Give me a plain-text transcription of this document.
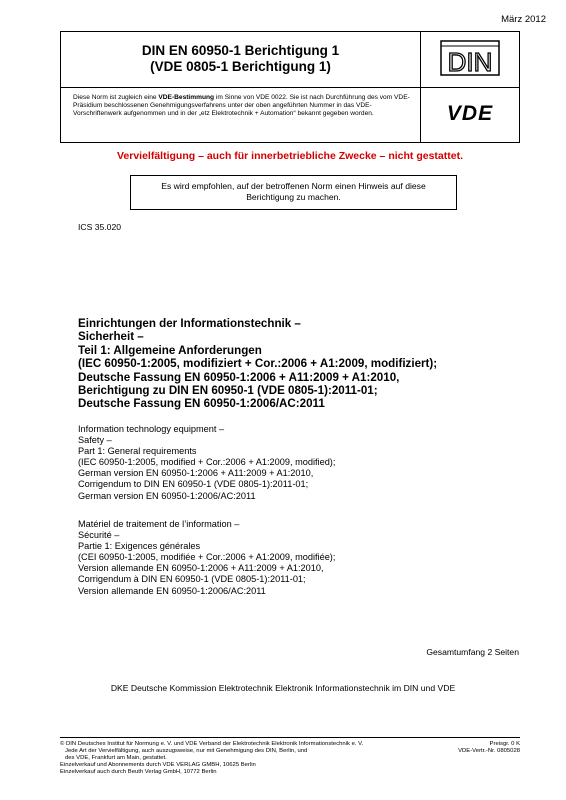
März 2012
DIN EN 60950-1 Berichtigung 1
(VDE 0805-1 Berichtigung 1)	DIN
Diese Norm ist zugleich eine VDE-Bestimmung im Sinne von VDE 0022. Sie ist nach Durchführung des vom VDE-Präsidium beschlossenen Genehmigungsverfahrens unter der oben angeführten Nummer in das VDE-Vorschriftenwerk aufgenommen und in der „etz Elektrotechnik + Automation“ bekannt gegeben worden.	VDE
Vervielfältigung – auch für innerbetriebliche Zwecke – nicht gestattet.
Es wird empfohlen, auf der betroffenen Norm einen Hinweis auf diese
Berichtigung zu machen.
ICS 35.020
Einrichtungen der Informationstechnik –
Sicherheit –
Teil 1: Allgemeine Anforderungen
(IEC 60950-1:2005, modifiziert + Cor.:2006 + A1:2009, modifiziert);
Deutsche Fassung EN 60950-1:2006 + A11:2009 + A1:2010,
Berichtigung zu DIN EN 60950-1 (VDE 0805-1):2011-01;
Deutsche Fassung EN 60950-1:2006/AC:2011
Information technology equipment –
Safety –
Part 1: General requirements
(IEC 60950-1:2005, modified + Cor.:2006 + A1:2009, modified);
German version EN 60950-1:2006 + A11:2009 + A1:2010,
Corrigendum to DIN EN 60950-1 (VDE 0805-1):2011-01;
German version EN 60950-1:2006/AC:2011
Matériel de traitement de l’information –
Sécurité –
Partie 1: Exigences générales
(CEI 60950-1:2005, modifiée + Cor.:2006 + A1:2009, modifiée);
Version allemande EN 60950-1:2006 + A11:2009 + A1:2010,
Corrigendum à DIN EN 60950-1 (VDE 0805-1):2011-01;
Version allemande EN 60950-1:2006/AC:2011
Gesamtumfang 2 Seiten
DKE Deutsche Kommission Elektrotechnik Elektronik Informationstechnik im DIN und VDE
© DIN Deutsches Institut für Normung e. V. und VDE Verband der Elektrotechnik Elektronik Informationstechnik e. V.
Jede Art der Vervielfältigung, auch auszugsweise, nur mit Genehmigung des DIN, Berlin, und
des VDE, Frankfurt am Main, gestattet.
Einzelverkauf und Abonnements durch VDE VERLAG GMBH, 10625 Berlin
Einzelverkauf auch durch Beuth Verlag GmbH, 10772 Berlin
Preisgr. 0 K
VDE-Vertr.-Nr. 0805028
